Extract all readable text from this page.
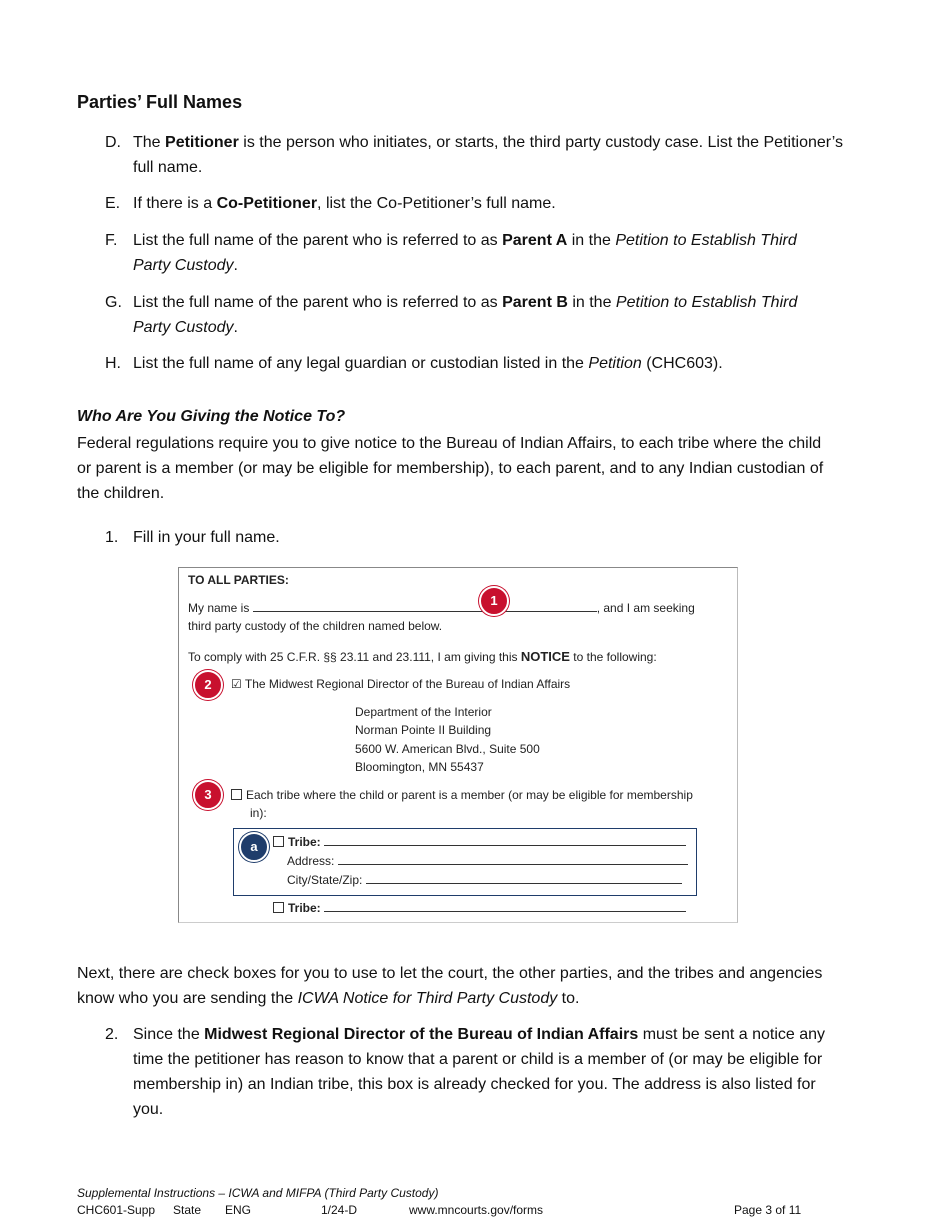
Parties’ Full Names
D. The Petitioner is the person who initiates, or starts, the third party custody case. List the Petitioner’s full name.
E. If there is a Co-Petitioner, list the Co-Petitioner’s full name.
F. List the full name of the parent who is referred to as Parent A in the Petition to Establish Third Party Custody.
G. List the full name of the parent who is referred to as Parent B in the Petition to Establish Third Party Custody.
H. List the full name of any legal guardian or custodian listed in the Petition (CHC603).
Who Are You Giving the Notice To?
Federal regulations require you to give notice to the Bureau of Indian Affairs, to each tribe where the child or parent is a member (or may be eligible for membership), to each parent, and to any Indian custodian of the children.
1. Fill in your full name.
TO ALL PARTIES:
My name is	, and I am seeking
third party custody of the children named below.
To comply with 25 C.F.R. §§ 23.11 and 23.111, I am giving this NOTICE to the following:
☑ The Midwest Regional Director of the Bureau of Indian Affairs
Department of the Interior
Norman Pointe II Building
5600 W. American Blvd., Suite 500
Bloomington, MN 55437
Each tribe where the child or parent is a member (or may be eligible for membership
in):
Tribe:
Address:
City/State/Zip:
Tribe:
1
2
3
a
Next, there are check boxes for you to use to let the court, the other parties, and the tribes and angencies know who you are sending the ICWA Notice for Third Party Custody to.
2. Since the Midwest Regional Director of the Bureau of Indian Affairs must be sent a notice any time the petitioner has reason to know that a parent or child is a member of (or may be eligible for membership in) an Indian tribe, this box is already checked for you. The address is also listed for you.
Supplemental Instructions – ICWA and MIFPA (Third Party Custody)
CHC601-Supp State ENG	1/24-D	www.mncourts.gov/forms	Page 3 of 11
